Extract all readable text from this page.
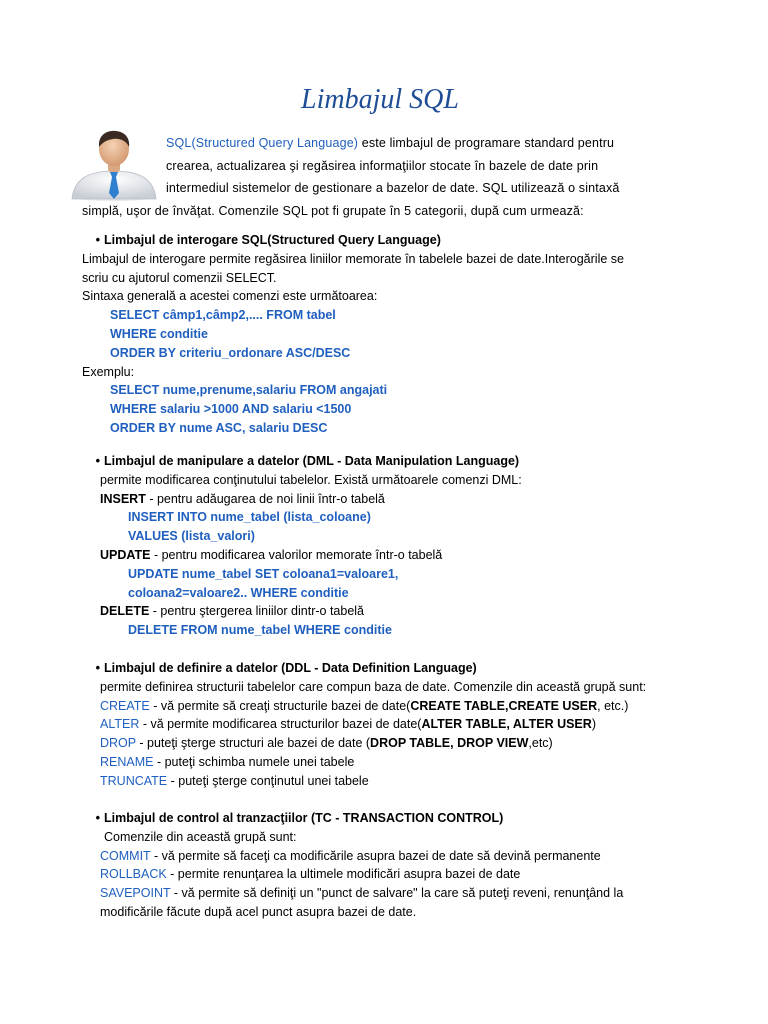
Limbajul SQL
SQL(Structured Query Language) este limbajul de programare standard pentru
crearea, actualizarea şi regăsirea informaţiilor stocate în bazele de date prin
intermediul sistemelor de gestionare a bazelor de date. SQL utilizează o sintaxă
simplă, uşor de învăţat. Comenzile SQL pot fi grupate în 5 categorii, după cum urmează:
• Limbajul de interogare SQL(Structured Query Language)
Limbajul de interogare permite regăsirea liniilor memorate în tabelele bazei de date.Interogările se
scriu cu ajutorul comenzii SELECT.
Sintaxa generală a acestei comenzi este următoarea:
SELECT câmp1,câmp2,.... FROM tabel
WHERE conditie
ORDER BY criteriu_ordonare ASC/DESC
Exemplu:
SELECT nume,prenume,salariu FROM angajati
WHERE salariu >1000 AND salariu <1500
ORDER BY nume ASC, salariu DESC
• Limbajul de manipulare a datelor (DML - Data Manipulation Language)
permite modificarea conţinutului tabelelor. Există următoarele comenzi DML:
INSERT - pentru adăugarea de noi linii într-o tabelă
INSERT INTO nume_tabel (lista_coloane)
VALUES (lista_valori)
UPDATE - pentru modificarea valorilor memorate într-o tabelă
UPDATE nume_tabel SET coloana1=valoare1,
coloana2=valoare2.. WHERE conditie
DELETE - pentru ştergerea liniilor dintr-o tabelă
DELETE FROM nume_tabel WHERE conditie
• Limbajul de definire a datelor (DDL - Data Definition Language)
permite definirea structurii tabelelor care compun baza de date. Comenzile din această grupă sunt:
CREATE - vă permite să creaţi structurile bazei de date(CREATE TABLE,CREATE USER, etc.)
ALTER - vă permite modificarea structurilor bazei de date(ALTER TABLE, ALTER USER)
DROP - puteţi şterge structuri ale bazei de date (DROP TABLE, DROP VIEW,etc)
RENAME - puteţi schimba numele unei tabele
TRUNCATE - puteţi şterge conţinutul unei tabele
• Limbajul de control al tranzacţiilor (TC - TRANSACTION CONTROL)
Comenzile din această grupă sunt:
COMMIT - vă permite să faceţi ca modificările asupra bazei de date să devină permanente
ROLLBACK - permite renunţarea la ultimele modificări asupra bazei de date
SAVEPOINT - vă permite să definiţi un "punct de salvare" la care să puteţi reveni, renunţând la
modificările făcute după acel punct asupra bazei de date.
